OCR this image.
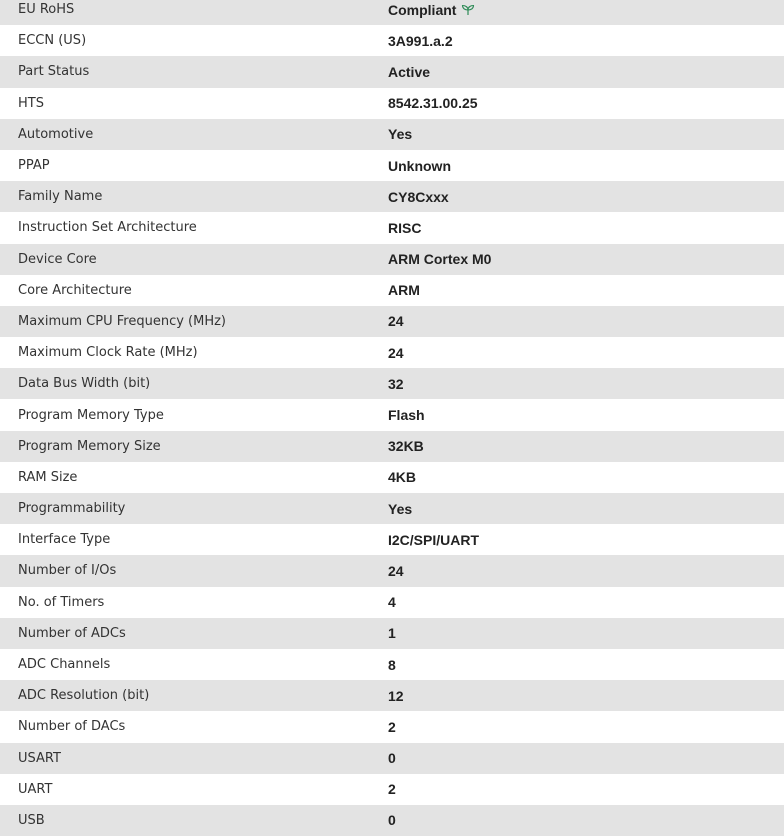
EU RoHS	Compliant
ECCN (US)	3A991.a.2
Part Status	Active
HTS	8542.31.00.25
Automotive	Yes
PPAP	Unknown
Family Name	CY8Cxxx
Instruction Set Architecture	RISC
Device Core	ARM Cortex M0
Core Architecture	ARM
Maximum CPU Frequency (MHz)	24
Maximum Clock Rate (MHz)	24
Data Bus Width (bit)	32
Program Memory Type	Flash
Program Memory Size	32KB
RAM Size	4KB
Programmability	Yes
Interface Type	I2C/SPI/UART
Number of I/Os	24
No. of Timers	4
Number of ADCs	1
ADC Channels	8
ADC Resolution (bit)	12
Number of DACs	2
USART	0
UART	2
USB	0
